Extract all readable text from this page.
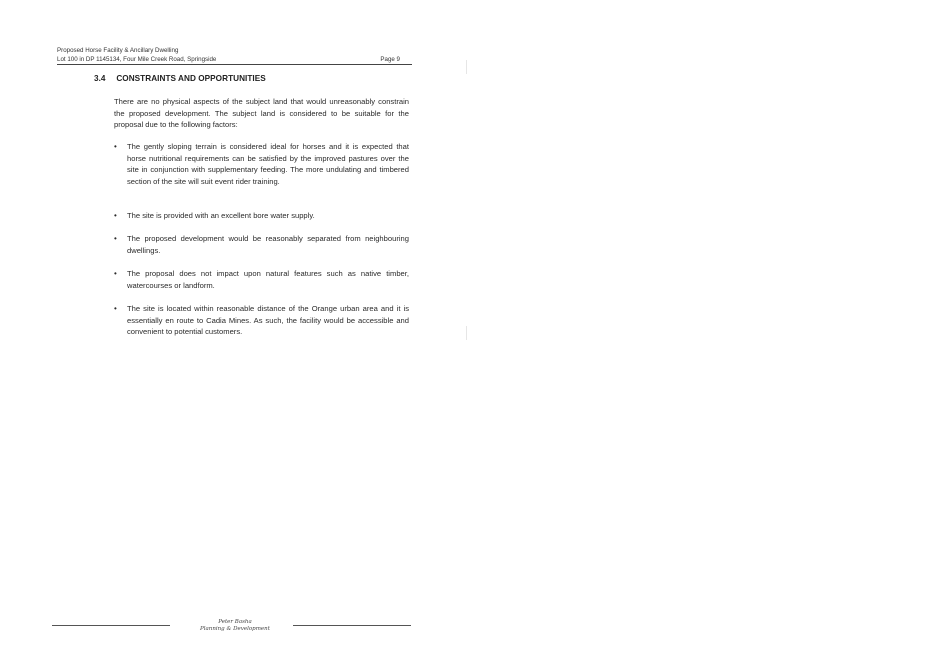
Proposed Horse Facility & Ancillary Dwelling
Lot 100 in DP 1145134, Four Mile Creek Road, Springside	Page 9
3.4 CONSTRAINTS AND OPPORTUNITIES
There are no physical aspects of the subject land that would unreasonably constrain the proposed development. The subject land is considered to be suitable for the proposal due to the following factors:
• The gently sloping terrain is considered ideal for horses and it is expected that horse nutritional requirements can be satisfied by the improved pastures over the site in conjunction with supplementary feeding. The more undulating and timbered section of the site will suit event rider training.
• The site is provided with an excellent bore water supply.
• The proposed development would be reasonably separated from neighbouring dwellings.
• The proposal does not impact upon natural features such as native timber, watercourses or landform.
• The site is located within reasonable distance of the Orange urban area and it is essentially en route to Cadia Mines. As such, the facility would be accessible and convenient to potential customers.
Peter Basha
Planning & Development
